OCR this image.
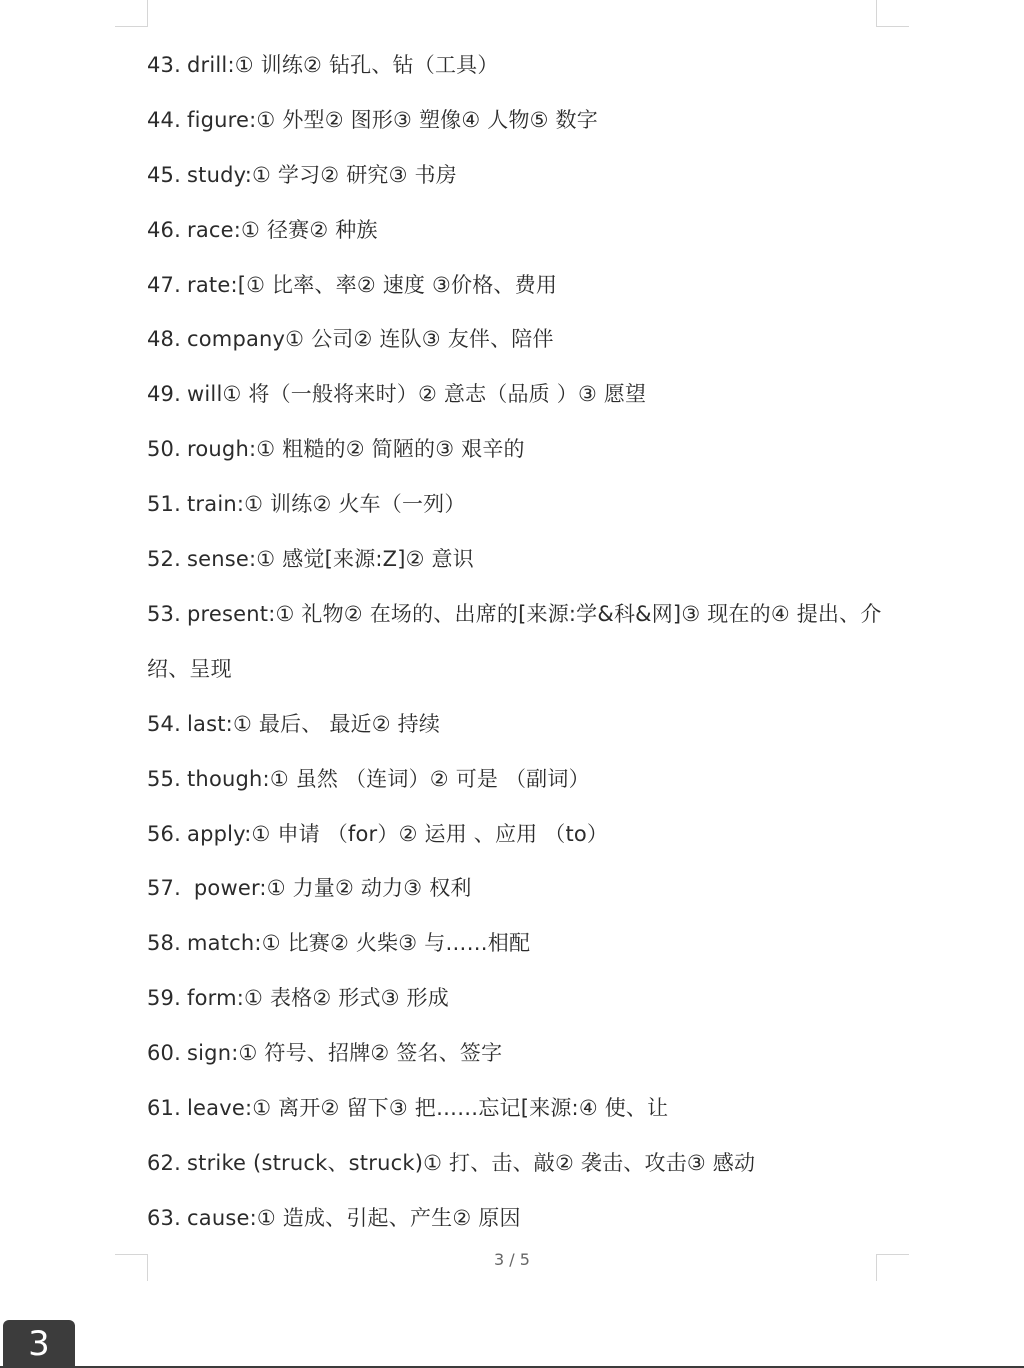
43. drill:① 训练② 钻孔、钻（工具）
44. figure:① 外型② 图形③ 塑像④ 人物⑤ 数字
45. study:① 学习② 研究③ 书房
46. race:① 径赛② 种族
47. rate:[① 比率、率② 速度 ③价格、费用
48. company① 公司② 连队③ 友伴、陪伴
49. will① 将（一般将来时）② 意志（品质 ）③ 愿望
50. rough:① 粗糙的② 简陋的③ 艰辛的
51. train:① 训练② 火车（一列）
52. sense:① 感觉[来源:Z]② 意识
53. present:① 礼物② 在场的、出席的[来源:学&科&网]③ 现在的④ 提出、介绍、呈现
54. last:① 最后、 最近② 持续
55. though:① 虽然 （连词）② 可是 （副词）
56. apply:① 申请 （for）② 运用 、应用 （to）
57. power:① 力量② 动力③ 权利
58. match:① 比赛② 火柴③ 与……相配
59. form:① 表格② 形式③ 形成
60. sign:① 符号、招牌② 签名、签字
61. leave:① 离开② 留下③ 把……忘记[来源:④ 使、让
62. strike (struck、struck)① 打、击、敲② 袭击、攻击③ 感动
63. cause:① 造成、引起、产生② 原因
3 / 5
3
